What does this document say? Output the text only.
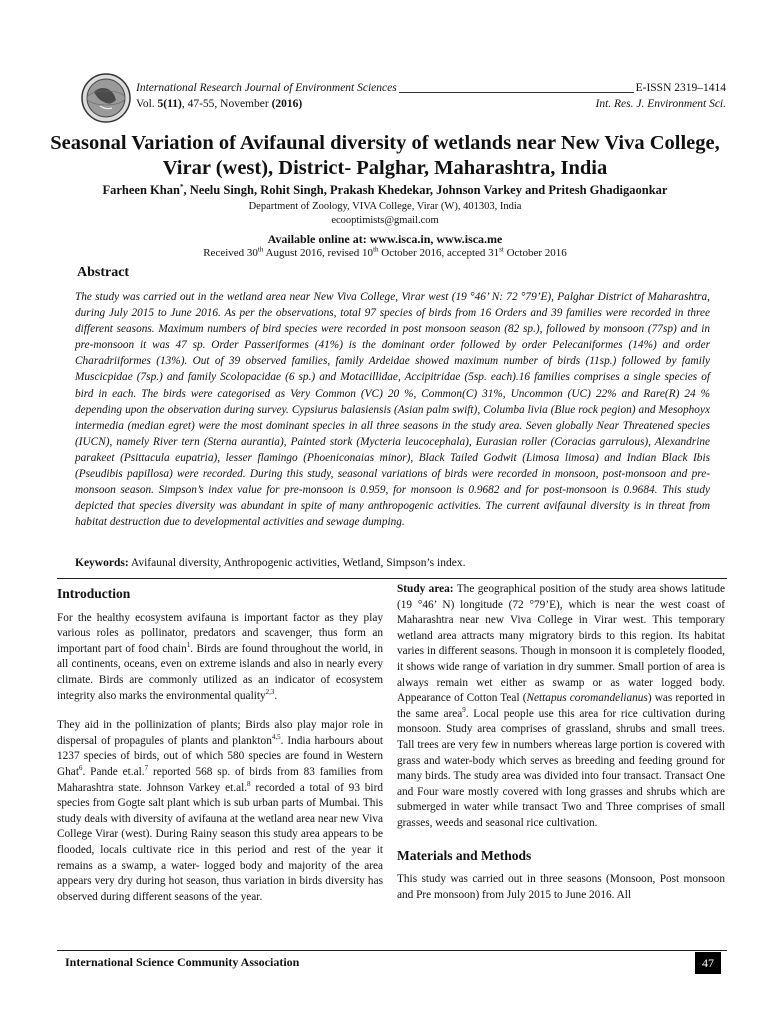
International Research Journal of Environment Sciences	E-ISSN 2319–1414
Vol. 5(11), 47-55, November (2016)	Int. Res. J. Environment Sci.
Seasonal Variation of Avifaunal diversity of wetlands near New Viva College,
Virar (west), District- Palghar, Maharashtra, India
Farheen Khan*, Neelu Singh, Rohit Singh, Prakash Khedekar, Johnson Varkey and Pritesh Ghadigaonkar
Department of Zoology, VIVA College, Virar (W), 401303, India
ecooptimists@gmail.com
Available online at: www.isca.in, www.isca.me
Received 30th August 2016, revised 10th October 2016, accepted 31st October 2016
Abstract
The study was carried out in the wetland area near New Viva College, Virar west (19 °46’ N: 72 °79’E), Palghar District of Maharashtra, during July 2015 to June 2016. As per the observations, total 97 species of birds from 16 Orders and 39 families were recorded in three different seasons. Maximum numbers of bird species were recorded in post monsoon season (82 sp.), followed by monsoon (77sp) and in pre-monsoon it was 47 sp. Order Passeriformes (41%) is the dominant order followed by order Pelecaniformes (14%) and order Charadriiformes (13%). Out of 39 observed families, family Ardeidae showed maximum number of birds (11sp.) followed by family Muscicpidae (7sp.) and family Scolopacidae (6 sp.) and Motacillidae, Accipitridae (5sp. each).16 families comprises a single species of bird in each. The birds were categorised as Very Common (VC) 20 %, Common(C) 31%, Uncommon (UC) 22% and Rare(R) 24 % depending upon the observation during survey. Cypsiurus balasiensis (Asian palm swift), Columba livia (Blue rock pegion) and Mesophoyx intermedia (median egret) were the most dominant species in all three seasons in the study area. Seven globally Near Threatened species (IUCN), namely River tern (Sterna aurantia), Painted stork (Mycteria leucocephala), Eurasian roller (Coracias garrulous), Alexandrine parakeet (Psittacula eupatria), lesser flamingo (Phoeniconaias minor), Black Tailed Godwit (Limosa limosa) and Indian Black Ibis (Pseudibis papillosa) were recorded. During this study, seasonal variations of birds were recorded in monsoon, post-monsoon and pre-monsoon season. Simpson’s index value for pre-monsoon is 0.959, for monsoon is 0.9682 and for post-monsoon is 0.9684. This study depicted that species diversity was abundant in spite of many anthropogenic activities. The current avifaunal diversity is in threat from habitat destruction due to developmental activities and sewage dumping.
Keywords: Avifaunal diversity, Anthropogenic activities, Wetland, Simpson’s index.
Introduction

For the healthy ecosystem avifauna is important factor as they play various roles as pollinator, predators and scavenger, thus form an important part of food chain$^1$. Birds are found throughout the world, in all continents, oceans, even on extreme islands and also in nearly every climate. Birds are commonly utilized as an indicator of ecosystem integrity also marks the environmental quality$^{2,3}$.

They aid in the pollinization of plants; Birds also play major role in dispersal of propagules of plants and plankton$^{4,5}$. India harbours about 1237 species of birds, out of which 580 species are found in Western Ghat$^6$. Pande et.al.$^7$ reported 568 sp. of birds from 83 families from Maharashtra state. Johnson Varkey et.al.$^8$ recorded a total of 93 bird species from Gogte salt plant which is sub urban parts of Mumbai. This study deals with diversity of avifauna at the wetland area near new Viva College Virar (west). During Rainy season this study area appears to be flooded, locals cultivate rice in this period and rest of the year it remains as a swamp, a water- logged body and majority of the area appears very dry during hot season, thus variation in birds diversity has observed during different seasons of the year.

Study area: The geographical position of the study area shows latitude (19 °46’ N) longitude (72 °79’E), which is near the west coast of Maharashtra near new Viva College in Virar west. This temporary wetland area attracts many migratory birds to this region. Its habitat varies in different seasons. Though in monsoon it is completely flooded, it shows wide range of variation in dry summer. Small portion of area is always remain wet either as swamp or as water logged body. Appearance of Cotton Teal (Nettapus coromandelianus) was reported in the same area$^9$. Local people use this area for rice cultivation during monsoon. Study area comprises of grassland, shrubs and small trees. Tall trees are very few in numbers whereas large portion is covered with grass and water-body which serves as breeding and feeding ground for many birds. The study area was divided into four transact. Transact One and Four ware mostly covered with long grasses and shrubs which are submerged in water while transact Two and Three comprises of small grasses, weeds and seasonal rice cultivation.

Materials and Methods

This study was carried out in three seasons (Monsoon, Post monsoon and Pre monsoon) from July 2015 to June 2016. All

International Science Community Association	47
